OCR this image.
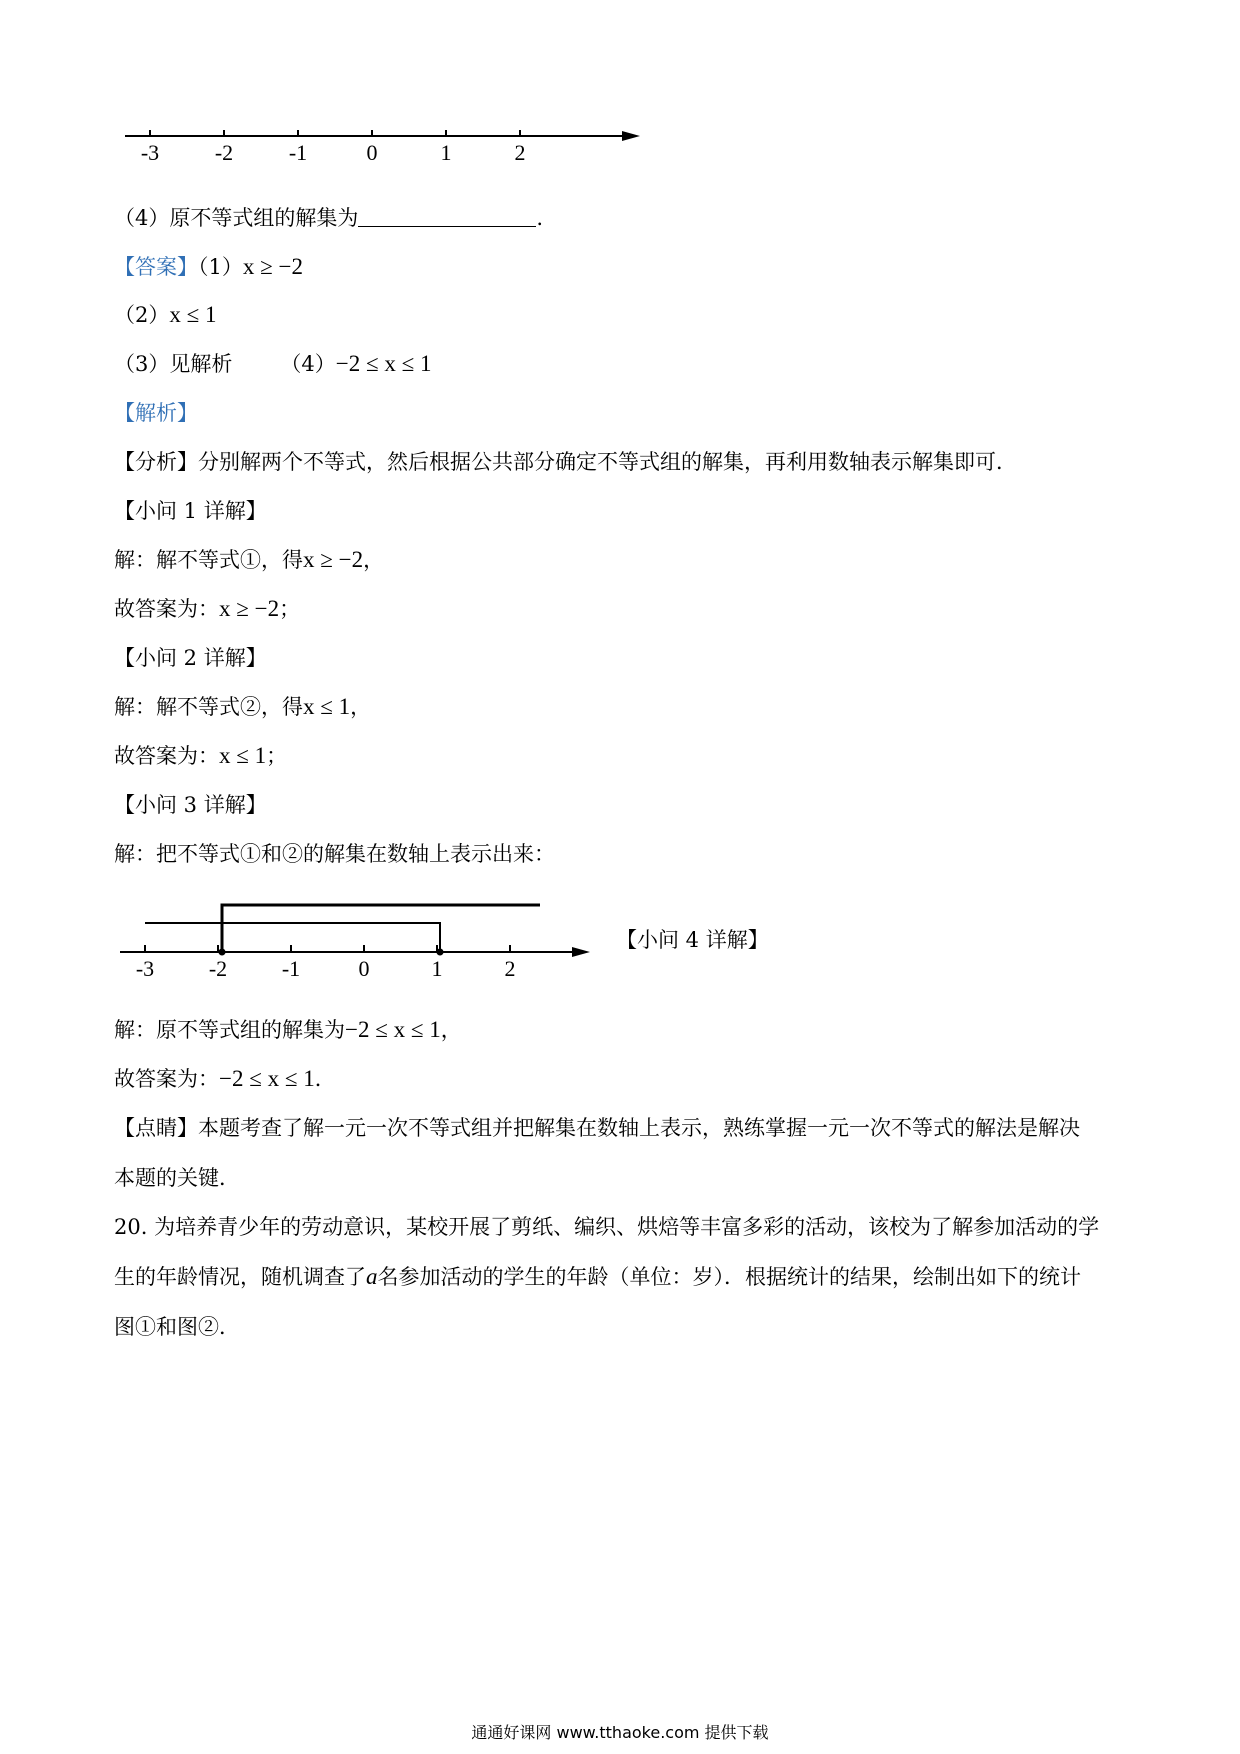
-3	-2	-1	0	1	2
（4）原不等式组的解集为	.
【答案】（1）x ≥ −2
（2）x ≤ 1
（3）见解析 （4）−2 ≤ x ≤ 1
【解析】
【分析】分别解两个不等式，然后根据公共部分确定不等式组的解集，再利用数轴表示解集即可．
【小问 1 详解】
解：解不等式①，得x ≥ −2，
故答案为：x ≥ −2；
【小问 2 详解】
解：解不等式②，得x ≤ 1，
故答案为：x ≤ 1；
【小问 3 详解】
解：把不等式①和②的解集在数轴上表示出来：
-3 -2 -1	0	1	2
【小问 4 详解】
解：原不等式组的解集为−2 ≤ x ≤ 1，
故答案为：−2 ≤ x ≤ 1．
【点睛】本题考查了解一元一次不等式组并把解集在数轴上表示，熟练掌握一元一次不等式的解法是解决
本题的关键．
20. 为培养青少年的劳动意识，某校开展了剪纸、编织、烘焙等丰富多彩的活动，该校为了解参加活动的学
生的年龄情况，随机调查了a名参加活动的学生的年龄（单位：岁）．根据统计的结果，绘制出如下的统计
图①和图②．
通通好课网 www.tthaoke.com 提供下载
